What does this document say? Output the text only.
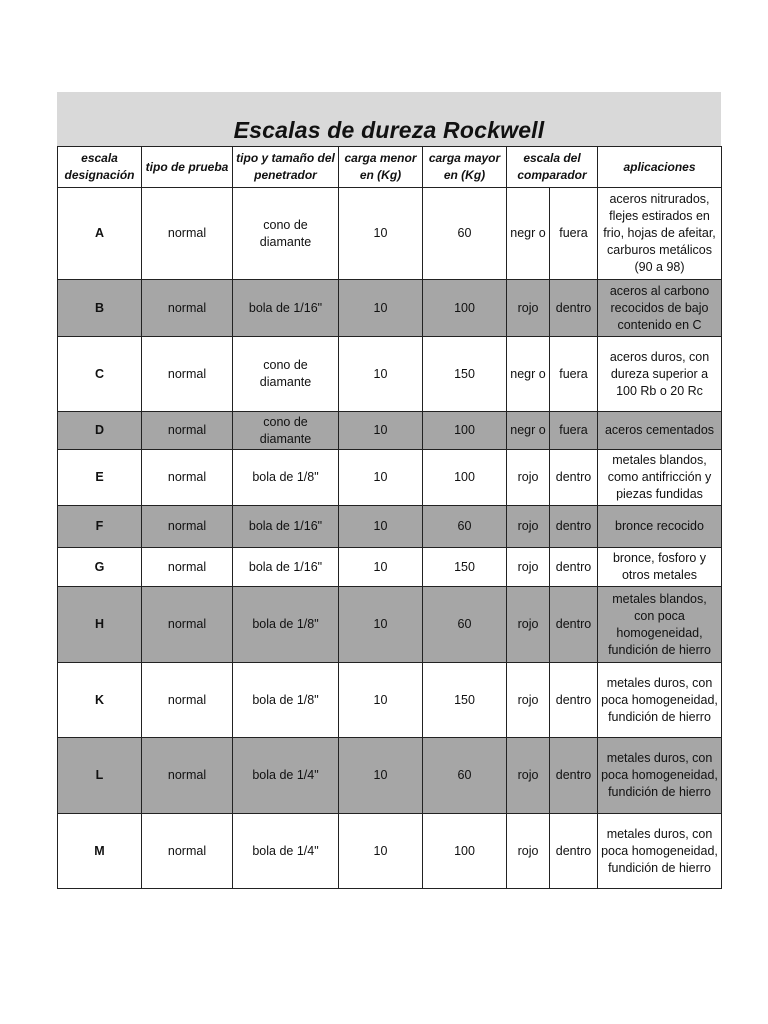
Escalas de dureza Rockwell
escala designación	tipo de prueba	tipo y tamaño del penetrador	carga menor en (Kg)	carga mayor en (Kg)	escala del comparador		aplicaciones
A	normal	cono de diamante	10	60	negr o	fuera	aceros nitrurados, flejes estirados en frio, hojas de afeitar, carburos metálicos (90 a 98)
B	normal	bola de 1/16"	10	100	rojo	dentro	aceros al carbono recocidos de bajo contenido en C
C	normal	cono de diamante	10	150	negr o	fuera	aceros duros, con dureza superior a 100 Rb o 20 Rc
D	normal	cono de diamante	10	100	negr o	fuera	aceros cementados
E	normal	bola de 1/8"	10	100	rojo	dentro	metales blandos, como antifricción y piezas fundidas
F	normal	bola de 1/16"	10	60	rojo	dentro	bronce recocido
G	normal	bola de 1/16"	10	150	rojo	dentro	bronce, fosforo y otros metales
H	normal	bola de 1/8"	10	60	rojo	dentro	metales blandos, con poca homogeneidad, fundición de hierro
K	normal	bola de 1/8"	10	150	rojo	dentro	metales duros, con poca homogeneidad, fundición de hierro
L	normal	bola de 1/4"	10	60	rojo	dentro	metales duros, con poca homogeneidad, fundición de hierro
M	normal	bola de 1/4"	10	100	rojo	dentro	metales duros, con poca homogeneidad, fundición de hierro
